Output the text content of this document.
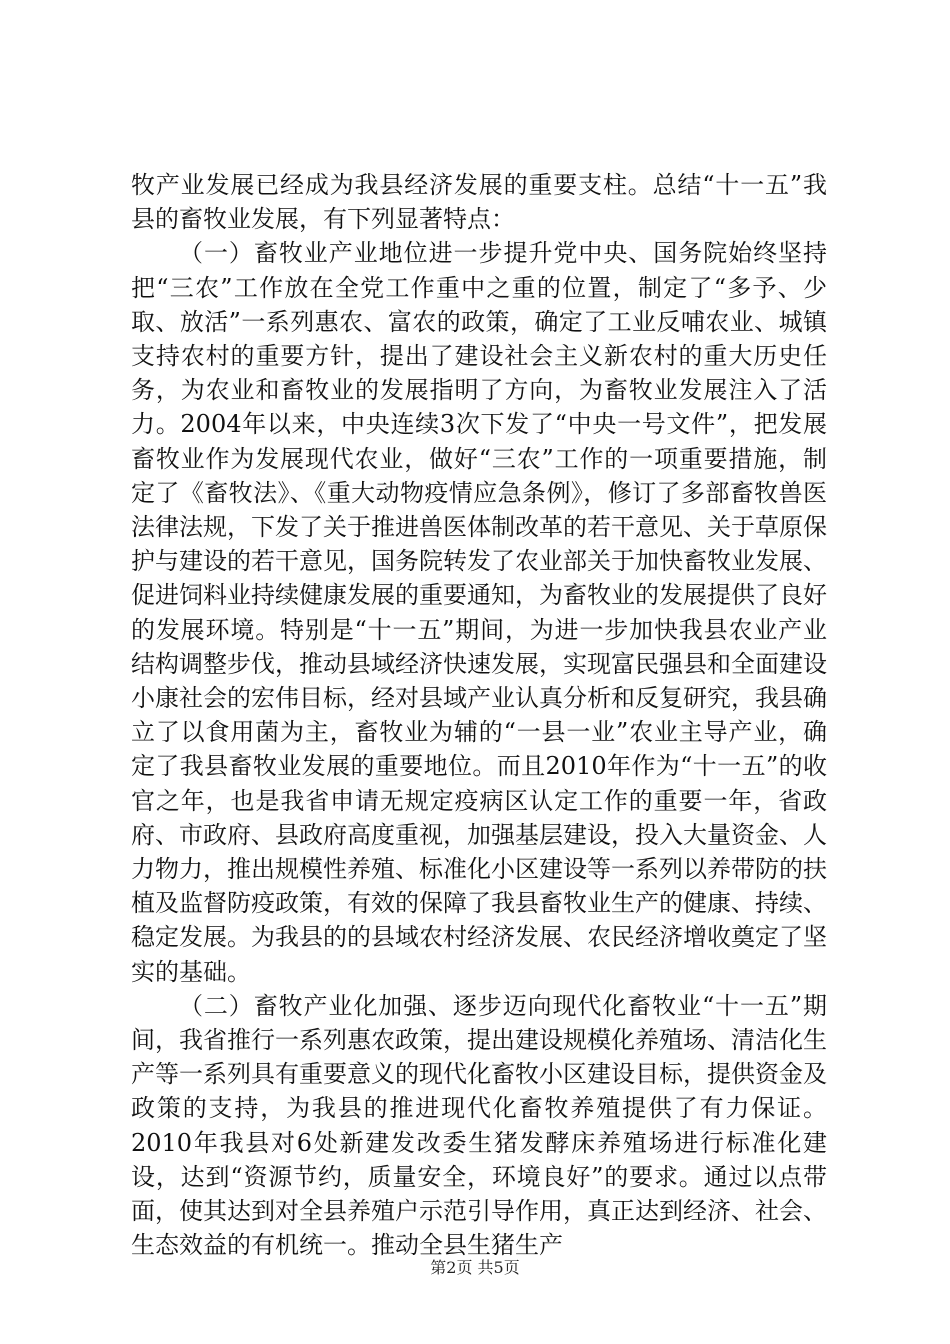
牧产业发展已经成为我县经济发展的重要支柱。总结“十一五”我县的畜牧业发展，有下列显著特点：

（一）畜牧业产业地位进一步提升党中央、国务院始终坚持把“三农”工作放在全党工作重中之重的位置，制定了“多予、少取、放活”一系列惠农、富农的政策，确定了工业反哺农业、城镇支持农村的重要方针，提出了建设社会主义新农村的重大历史任务，为农业和畜牧业的发展指明了方向，为畜牧业发展注入了活力。2004年以来，中央连续3次下发了“中央一号文件”，把发展畜牧业作为发展现代农业，做好“三农”工作的一项重要措施，制定了《畜牧法》、《重大动物疫情应急条例》，修订了多部畜牧兽医法律法规，下发了关于推进兽医体制改革的若干意见、关于草原保护与建设的若干意见，国务院转发了农业部关于加快畜牧业发展、促进饲料业持续健康发展的重要通知，为畜牧业的发展提供了良好的发展环境。特别是“十一五”期间，为进一步加快我县农业产业结构调整步伐，推动县域经济快速发展，实现富民强县和全面建设小康社会的宏伟目标，经对县域产业认真分析和反复研究，我县确立了以食用菌为主，畜牧业为辅的“一县一业”农业主导产业，确定了我县畜牧业发展的重要地位。而且2010年作为“十一五”的收官之年，也是我省申请无规定疫病区认定工作的重要一年，省政府、市政府、县政府高度重视，加强基层建设，投入大量资金、人力物力，推出规模性养殖、标准化小区建设等一系列以养带防的扶植及监督防疫政策，有效的保障了我县畜牧业生产的健康、持续、稳定发展。为我县的的县域农村经济发展、农民经济增收奠定了坚实的基础。

（二）畜牧产业化加强、逐步迈向现代化畜牧业“十一五”期间，我省推行一系列惠农政策，提出建设规模化养殖场、清洁化生产等一系列具有重要意义的现代化畜牧小区建设目标，提供资金及政策的支持，为我县的推进现代化畜牧养殖提供了有力保证。2010年我县对6处新建发改委生猪发酵床养殖场进行标准化建设，达到“资源节约，质量安全，环境良好”的要求。通过以点带面，使其达到对全县养殖户示范引导作用，真正达到经济、社会、生态效益的有机统一。推动全县生猪生产

第2页 共5页
